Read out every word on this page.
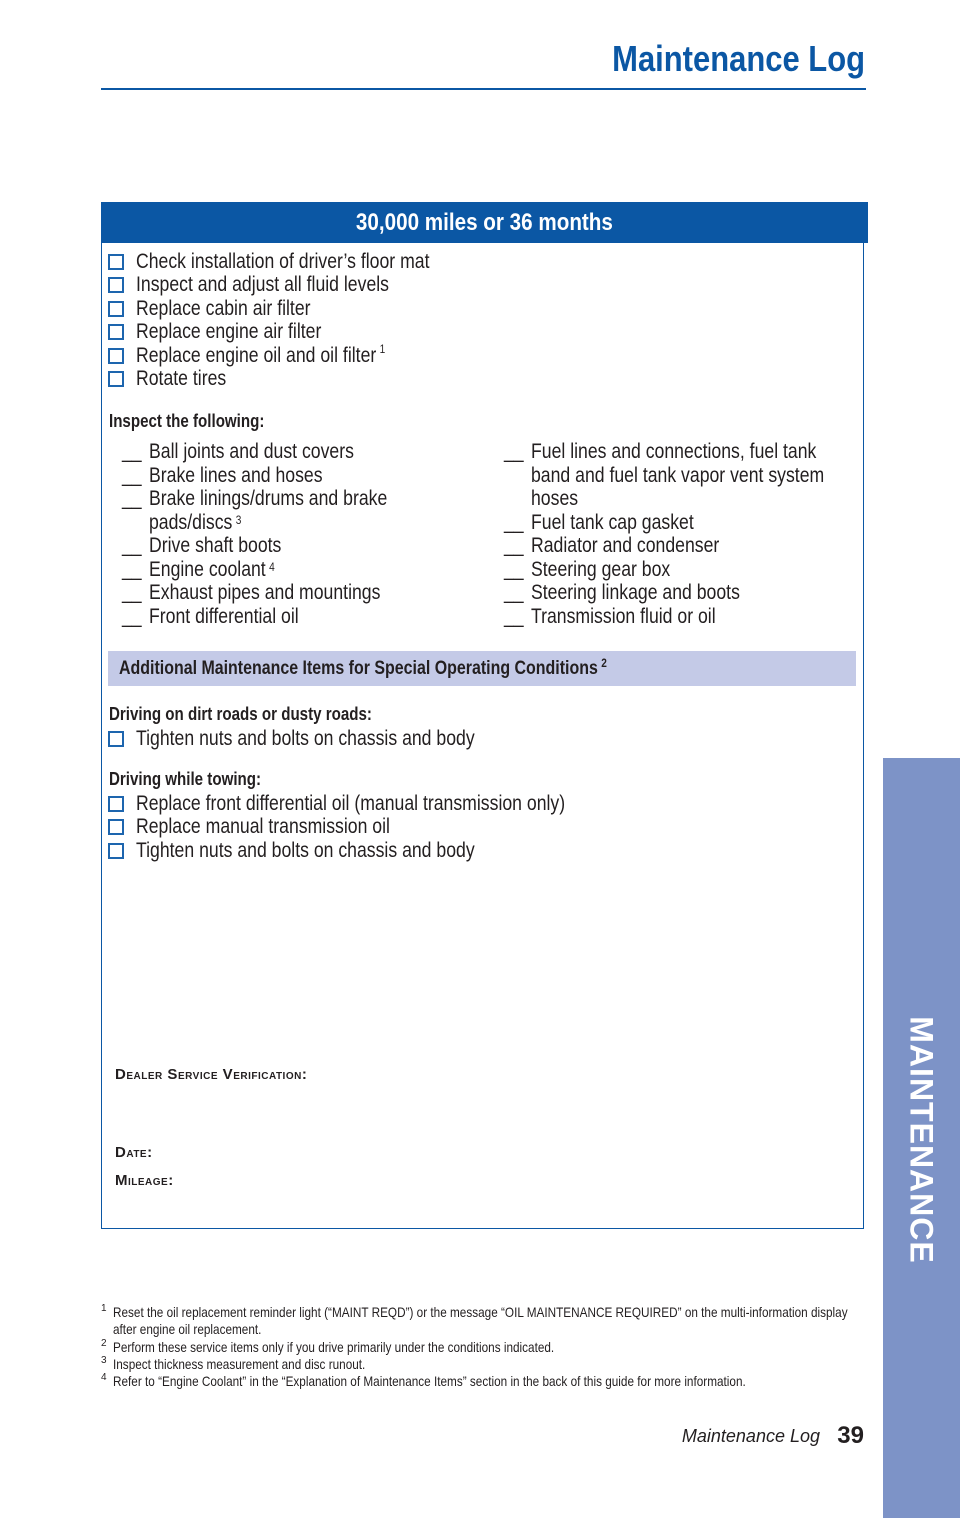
Maintenance Log
30,000 miles or 36 months
Check installation of driver’s floor mat
Inspect and adjust all fluid levels
Replace cabin air filter
Replace engine air filter
Replace engine oil and oil filter $^1$
Rotate tires
Inspect the following:
__ Ball joints and dust covers
__ Brake lines and hoses
__ Brake linings/drums and brake
pads/discs $^3$
__ Drive shaft boots
__ Engine coolant $^4$
__ Exhaust pipes and mountings
__ Front differential oil
__ Fuel lines and connections, fuel tank
band and fuel tank vapor vent system
hoses
__ Fuel tank cap gasket
__ Radiator and condenser
__ Steering gear box
__ Steering linkage and boots
__ Transmission fluid or oil
Additional Maintenance Items for Special Operating Conditions $^2$
Driving on dirt roads or dusty roads:
Tighten nuts and bolts on chassis and body
Driving while towing:
Replace front differential oil (manual transmission only)
Replace manual transmission oil
Tighten nuts and bolts on chassis and body
DEALER SERVICE VERIFICATION:
DATE:
MILEAGE:
1 Reset the oil replacement reminder light (“MAINT REQD”) or the message “OIL MAINTENANCE REQUIRED” on the multi-information display after engine oil replacement.
2 Perform these service items only if you drive primarily under the conditions indicated.
3 Inspect thickness measurement and disc runout.
4 Refer to “Engine Coolant” in the “Explanation of Maintenance Items” section in the back of this guide for more information.
Maintenance Log 39
MAINTENANCE
